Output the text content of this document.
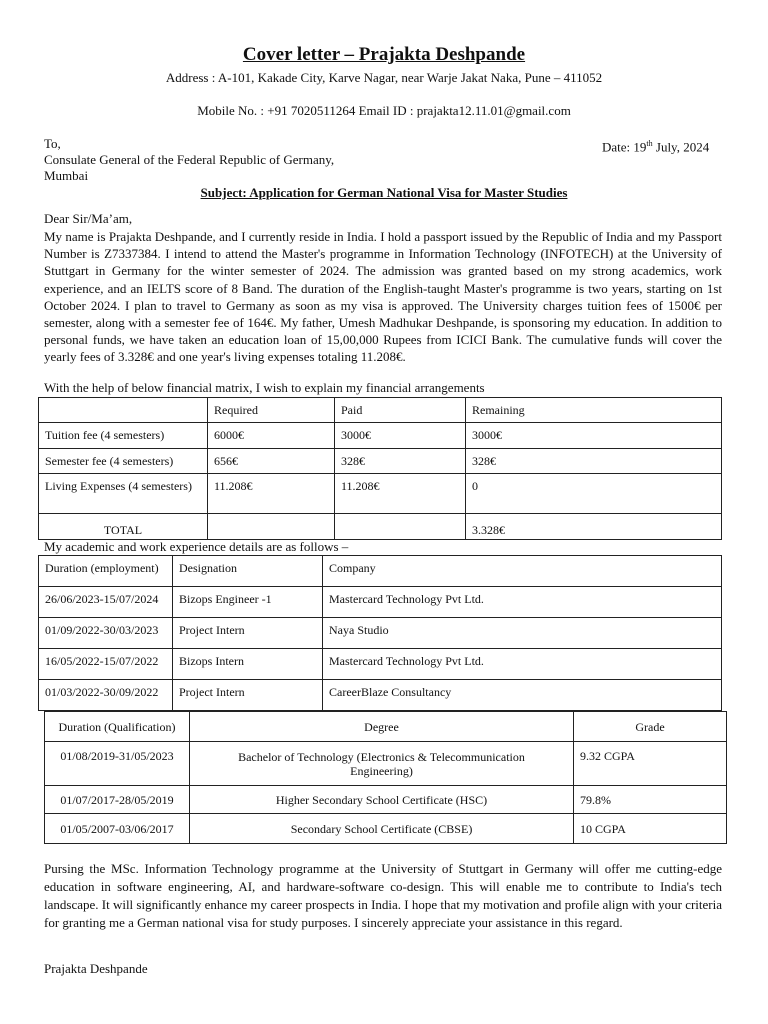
Cover letter – Prajakta Deshpande
Address : A-101, Kakade City, Karve Nagar, near Warje Jakat Naka, Pune – 411052
Mobile No. : +91 7020511264 Email ID : prajakta12.11.01@gmail.com
To,
Consulate General of the Federal Republic of Germany,
Mumbai
Date: 19th July, 2024
Subject: Application for German National Visa for Master Studies
Dear Sir/Ma’am,
My name is Prajakta Deshpande, and I currently reside in India. I hold a passport issued by the Republic of India and my Passport Number is Z7337384. I intend to attend the Master's programme in Information Technology (INFOTECH) at the University of Stuttgart in Germany for the winter semester of 2024. The admission was granted based on my strong academics, work experience, and an IELTS score of 8 Band. The duration of the English-taught Master's programme is two years, starting on 1st October 2024. I plan to travel to Germany as soon as my visa is approved. The University charges tuition fees of 1500€ per semester, along with a semester fee of 164€. My father, Umesh Madhukar Deshpande, is sponsoring my education. In addition to personal funds, we have taken an education loan of 15,00,000 Rupees from ICICI Bank. The cumulative funds will cover the yearly fees of 3.328€ and one year's living expenses totaling 11.208€.
With the help of below financial matrix, I wish to explain my financial arrangements
	Required	Paid	Remaining
Tuition fee (4 semesters)	6000€	3000€	3000€
Semester fee (4 semesters)	656€	328€	328€
Living Expenses (4 semesters)	11.208€	11.208€	0
TOTAL			3.328€
My academic and work experience details are as follows –
Duration (employment)	Designation	Company
26/06/2023-15/07/2024	Bizops Engineer -1	Mastercard Technology Pvt Ltd.
01/09/2022-30/03/2023	Project Intern	Naya Studio
16/05/2022-15/07/2022	Bizops Intern	Mastercard Technology Pvt Ltd.
01/03/2022-30/09/2022	Project Intern	CareerBlaze Consultancy
Duration (Qualification)	Degree	Grade
01/08/2019-31/05/2023	Bachelor of Technology (Electronics & Telecommunication Engineering)	9.32 CGPA
01/07/2017-28/05/2019	Higher Secondary School Certificate (HSC)	79.8%
01/05/2007-03/06/2017	Secondary School Certificate (CBSE)	10 CGPA
Pursing the MSc. Information Technology programme at the University of Stuttgart in Germany will offer me cutting-edge education in software engineering, AI, and hardware-software co-design. This will enable me to contribute to India's tech landscape. It will significantly enhance my career prospects in India. I hope that my motivation and profile align with your criteria for granting me a German national visa for study purposes. I sincerely appreciate your assistance in this regard.
Prajakta Deshpande
